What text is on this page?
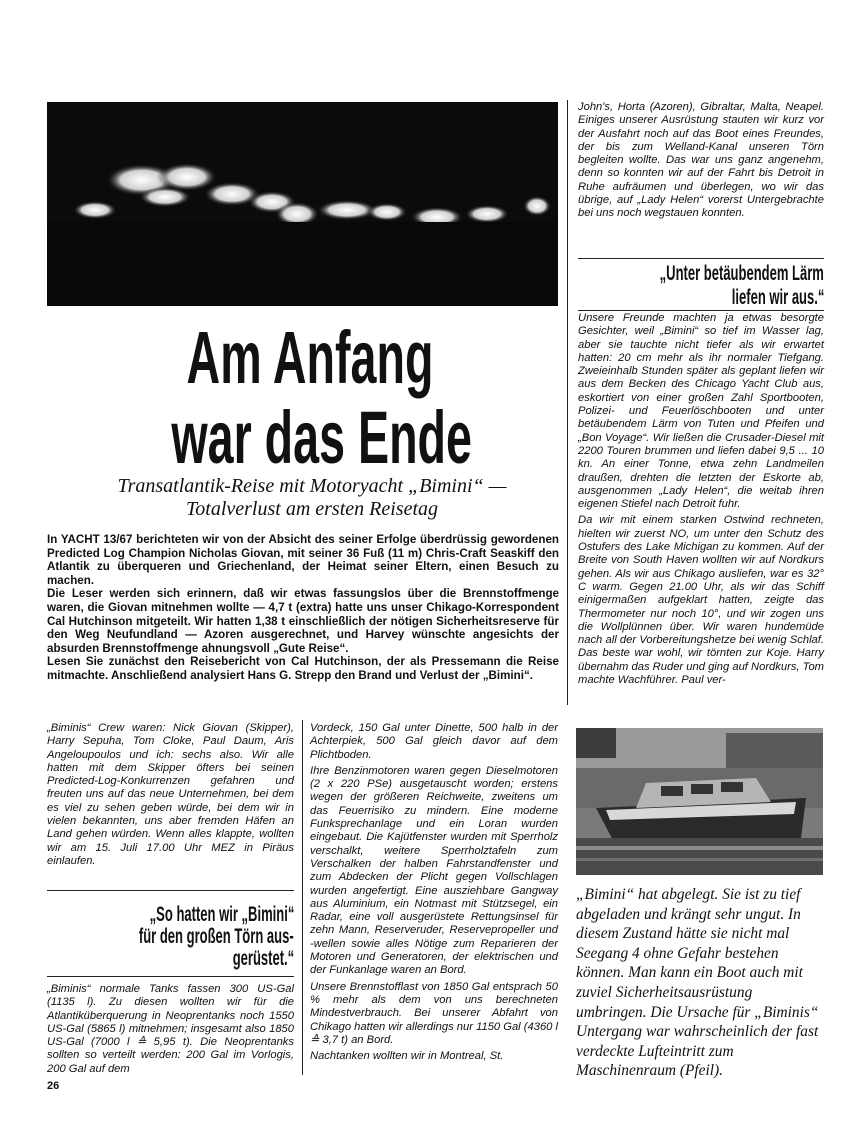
Am Anfang
war das Ende
Transatlantik-Reise mit Motoryacht „Bimini“ —
Totalverlust am ersten Reisetag

In YACHT 13/67 berichteten wir von der Absicht des seiner Erfolge überdrüssig gewordenen Predicted Log Champion Nicholas Giovan, mit seiner 36 Fuß (11 m) Chris-Craft Seaskiff den Atlantik zu überqueren und Griechenland, der Heimat seiner Eltern, einen Besuch zu machen.

Die Leser werden sich erinnern, daß wir etwas fassungslos über die Brennstoffmenge waren, die Giovan mitnehmen wollte — 4,7 t (extra) hatte uns unser Chikago-Korrespondent Cal Hutchinson mitgeteilt. Wir hatten 1,38 t einschließlich der nötigen Sicherheitsreserve für den Weg Neufundland — Azoren ausgerechnet, und Harvey wünschte angesichts der absurden Brennstoffmenge ahnungsvoll „Gute Reise“.

Lesen Sie zunächst den Reisebericht von Cal Hutchinson, der als Pressemann die Reise mitmachte. Anschließend analysiert Hans G. Strepp den Brand und Verlust der „Bimini“.

„Biminis“ Crew waren: Nick Giovan (Skipper), Harry Sepuha, Tom Cloke, Paul Daum, Aris Angeloupoulos und ich: sechs also. Wir alle hatten mit dem Skipper öfters bei seinen Predicted-Log-Konkurrenzen gefahren und freuten uns auf das neue Unternehmen, bei dem es viel zu sehen geben würde, bei dem wir in vielen bekannten, uns aber fremden Häfen an Land gehen würden. Wenn alles klappte, wollten wir am 15. Juli 17.00 Uhr MEZ in Piräus einlaufen.

„So hatten wir „Bimini“
für den großen Törn aus-
gerüstet.“

„Biminis“ normale Tanks fassen 300 US-Gal (1135 l). Zu diesen wollten wir für die Atlantiküberquerung in Neoprentanks noch 1550 US-Gal (5865 l) mitnehmen; insgesamt also 1850 US-Gal (7000 l ≙ 5,95 t). Die Neoprentanks sollten so verteilt werden: 200 Gal im Vorlogis, 200 Gal auf dem

26

Vordeck, 150 Gal unter Dinette, 500 halb in der Achterpiek, 500 Gal gleich davor auf dem Plichtboden.

Ihre Benzinmotoren waren gegen Dieselmotoren (2 x 220 PSe) ausgetauscht worden; erstens wegen der größeren Reichweite, zweitens um das Feuerrisiko zu mindern. Eine moderne Funksprechanlage und ein Loran wurden eingebaut. Die Kajütfenster wurden mit Sperrholz verschalkt, weitere Sperrholztafeln zum Verschalken der halben Fahrstandfenster und zum Abdecken der Plicht gegen Vollschlagen wurden angefertigt. Eine ausziehbare Gangway aus Aluminium, ein Notmast mit Stützsegel, ein Radar, eine voll ausgerüstete Rettungsinsel für zehn Mann, Reserveruder, Reservepropeller und -wellen sowie alles Nötige zum Reparieren der Motoren und Generatoren, der elektrischen und der Funkanlage waren an Bord.

Unsere Brennstofflast von 1850 Gal entsprach 50 % mehr als dem von uns berechneten Mindestverbrauch. Bei unserer Abfahrt von Chikago hatten wir allerdings nur 1150 Gal (4360 l ≙ 3,7 t) an Bord.

Nachtanken wollten wir in Montreal, St.

John's, Horta (Azoren), Gibraltar, Malta, Neapel. Einiges unserer Ausrüstung stauten wir kurz vor der Ausfahrt noch auf das Boot eines Freundes, der bis zum Welland-Kanal unseren Törn begleiten wollte. Das war uns ganz angenehm, denn so konnten wir auf der Fahrt bis Detroit in Ruhe aufräumen und überlegen, wo wir das übrige, auf „Lady Helen“ vorerst Untergebrachte bei uns noch wegstauen konnten.

„Unter betäubendem Lärm
liefen wir aus.“

Unsere Freunde machten ja etwas besorgte Gesichter, weil „Bimini“ so tief im Wasser lag, aber sie tauchte nicht tiefer als wir erwartet hatten: 20 cm mehr als ihr normaler Tiefgang. Zweieinhalb Stunden später als geplant liefen wir aus dem Becken des Chicago Yacht Club aus, eskortiert von einer großen Zahl Sportbooten, Polizei- und Feuerlöschbooten und unter betäubendem Lärm von Tuten und Pfeifen und „Bon Voyage“. Wir ließen die Crusader-Diesel mit 2200 Touren brummen und liefen dabei 9,5 ... 10 kn. An einer Tonne, etwa zehn Landmeilen draußen, drehten die letzten der Eskorte ab, ausgenommen „Lady Helen“, die weitab ihren eigenen Stiefel nach Detroit fuhr.

Da wir mit einem starken Ostwind rechneten, hielten wir zuerst NO, um unter den Schutz des Ostufers des Lake Michigan zu kommen. Auf der Breite von South Haven wollten wir auf Nordkurs gehen. Als wir aus Chikago ausliefen, war es 32° C warm. Gegen 21.00 Uhr, als wir das Schiff einigermaßen aufgeklart hatten, zeigte das Thermometer nur noch 10°, und wir zogen uns die Wollplünnen über. Wir waren hundemüde nach all der Vorbereitungshetze bei wenig Schlaf. Das beste war wohl, wir törnten zur Koje. Harry übernahm das Ruder und ging auf Nordkurs, Tom machte Wachführer. Paul ver-

„Bimini“ hat abgelegt. Sie ist zu tief abgeladen und krängt sehr ungut. In diesem Zustand hätte sie nicht mal Seegang 4 ohne Gefahr bestehen können. Man kann ein Boot auch mit zuviel Sicherheitsausrüstung umbringen. Die Ursache für „Biminis“ Untergang war wahrscheinlich der fast verdeckte Lufteintritt zum Maschinenraum (Pfeil).
